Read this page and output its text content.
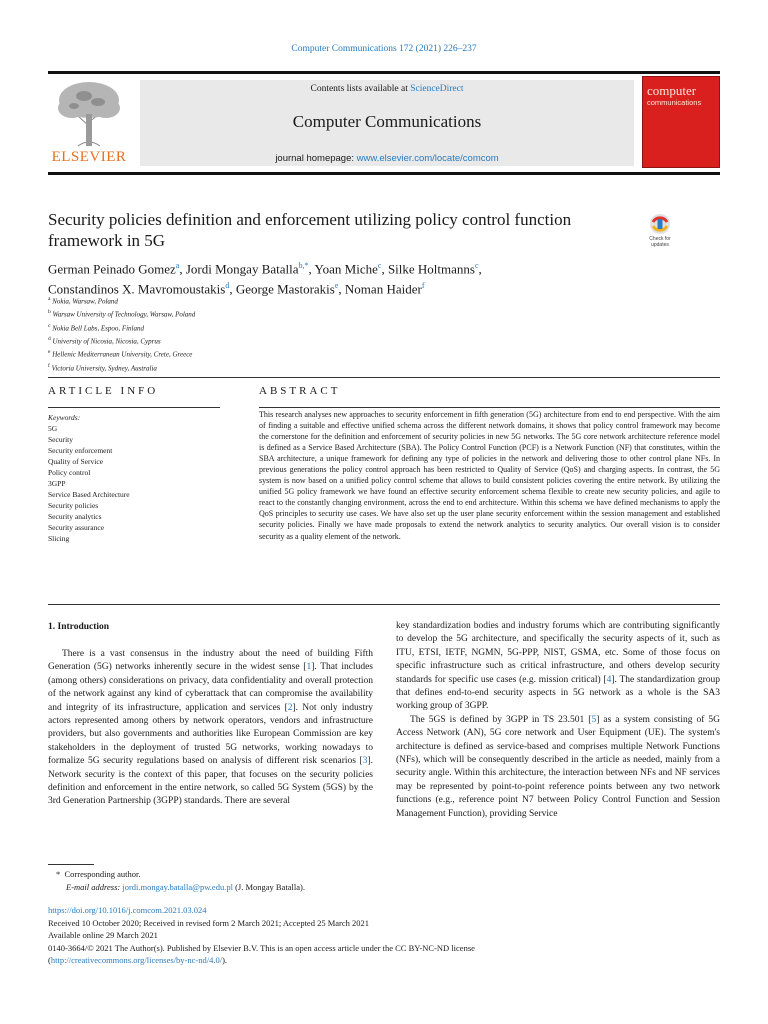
Computer Communications 172 (2021) 226–237
ELSEVIER
Contents lists available at ScienceDirect
Computer Communications
journal homepage: www.elsevier.com/locate/comcom
computer
communications
Security policies definition and enforcement utilizing policy control function framework in 5G	Check for updates
German Peinado Gomez$^a$, Jordi Mongay Batalla$^{b,*}$, Yoan Miche$^c$, Silke Holtmanns$^c$,
Constandinos X. Mavromoustakis$^d$, George Mastorakis$^e$, Noman Haider$^f$
$^a$ Nokia, Warsaw, Poland
$^b$ Warsaw University of Technology, Warsaw, Poland
$^c$ Nokia Bell Labs, Espoo, Finland
$^d$ University of Nicosia, Nicosia, Cyprus
$^e$ Hellenic Mediterranean University, Crete, Greece
$^f$ Victoria University, Sydney, Australia
ARTICLE INFO
Keywords:
5G
Security
Security enforcement
Quality of Service
Policy control
3GPP
Service Based Architecture
Security policies
Security analytics
Security assurance
Slicing
ABSTRACT
This research analyses new approaches to security enforcement in fifth generation (5G) architecture from end to end perspective. With the aim of finding a suitable and effective unified schema across the different network domains, it shows that policy control framework may become the cornerstone for the definition and enforcement of security policies in new 5G networks. The 5G core network architecture reference model is defined as a Service Based Architecture (SBA). The Policy Control Function (PCF) is a Network Function (NF) that constitutes, within the SBA architecture, a unique framework for defining any type of policies in the network and delivering those to other control plane NFs. In previous generations the policy control approach has been restricted to Quality of Service (QoS) and charging aspects. In contrast, the 5G system is now based on a unified policy control scheme that allows to build consistent policies covering the entire network. By utilizing the unified 5G policy framework we have found an effective security enforcement schema flexible to create new security policies, and agile to react to the constantly changing environment, across the end to end architecture. Within this schema we have defined mechanisms to apply the QoS principles to security use cases. We have also set up the user plane security enforcement within the session management and established security policies. Finally we have made proposals to extend the network analytics to security analytics. Our overall vision is to consider security as a quality element of the network.
1. Introduction

There is a vast consensus in the industry about the need of building Fifth Generation (5G) networks inherently secure in the widest sense [1]. That includes (among others) considerations on privacy, data confidentiality and overall protection of the network against any kind of cyberattack that can compromise the availability and integrity of its infrastructure, application and services [2]. Not only industry actors represented among others by network operators, vendors and infrastructure providers, but also governments and authorities like European Commission are key stakeholders in the deployment of trusted 5G networks, working nowadays to formalize 5G security regulations based on analysis of different risk scenarios [3]. Network security is the context of this paper, that focuses on the security policies definition and enforcement in the entire network, so called 5G System (5GS) by the 3rd Generation Partnership (3GPP) standards. There are several

key standardization bodies and industry forums which are contributing significantly to develop the 5G architecture, and specifically the security aspects of it, such as ITU, ETSI, IETF, NGMN, 5G-PPP, NIST, GSMA, etc. Some of those focus on specific infrastructure such as critical infrastructure, and others develop security standards for specific use cases (e.g. mission critical) [4]. The standardization group that defines end-to-end security aspects in 5G network as a whole is the SA3 working group of 3GPP.

The 5GS is defined by 3GPP in TS 23.501 [5] as a system consisting of 5G Access Network (AN), 5G core network and User Equipment (UE). The system's architecture is defined as service-based and comprises multiple Network Functions (NFs), which will be consequently described in the article as needed, mainly from a security angle. Within this architecture, the interaction between NFs and NF services may be represented by point-to-point reference points between any two network functions (e.g., reference point N7 between Policy Control Function and Session Management Function), providing Service

* Corresponding author.
E-mail address: jordi.mongay.batalla@pw.edu.pl (J. Mongay Batalla).
https://doi.org/10.1016/j.comcom.2021.03.024
Received 10 October 2020; Received in revised form 2 March 2021; Accepted 25 March 2021
Available online 29 March 2021
0140-3664/© 2021 The Author(s). Published by Elsevier B.V. This is an open access article under the CC BY-NC-ND license
(http://creativecommons.org/licenses/by-nc-nd/4.0/).
